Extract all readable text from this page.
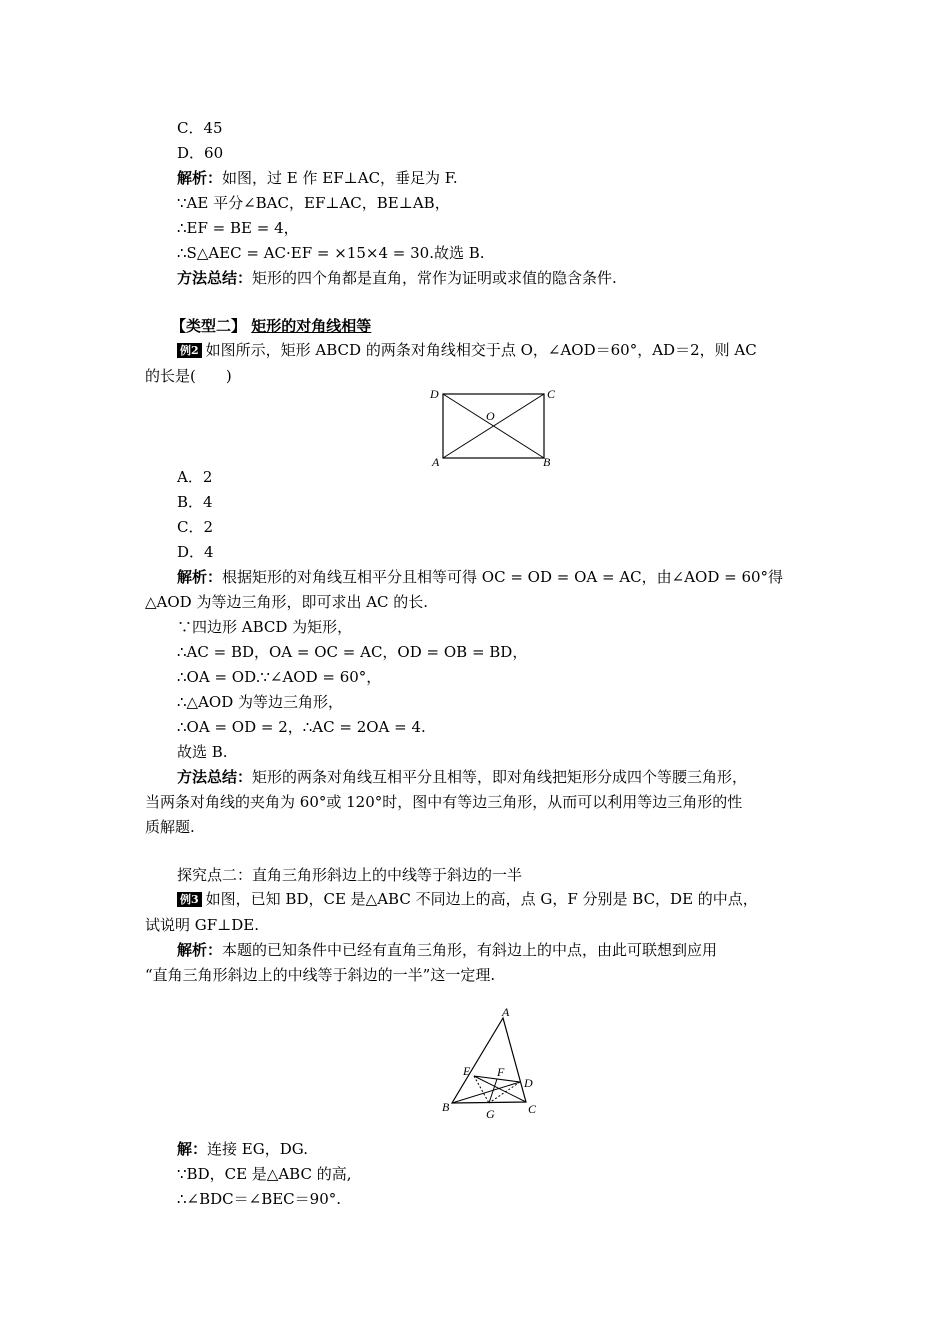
C．45
D．60
解析：如图，过 E 作 EF⊥AC，垂足为 F.
∵AE 平分∠BAC，EF⊥AC，BE⊥AB，
∴EF = BE = 4，
∴S△AEC = AC·EF = ×15×4 = 30.故选 B.
方法总结：矩形的四个角都是直角，常作为证明或求值的隐含条件.
【类型二】 矩形的对角线相等
例2 如图所示，矩形 ABCD 的两条对角线相交于点 O，∠AOD＝60°，AD＝2，则 AC
的长是(　　)
D	C
A	B
O
A．2
B．4
C．2
D．4
解析：根据矩形的对角线互相平分且相等可得 OC = OD = OA = AC，由∠AOD = 60°得
△AOD 为等边三角形，即可求出 AC 的长.
∵四边形 ABCD 为矩形，
∴AC = BD，OA = OC = AC，OD = OB = BD，
∴OA = OD.∵∠AOD = 60°，
∴△AOD 为等边三角形，
∴OA = OD = 2，∴AC = 2OA = 4.
故选 B.
方法总结：矩形的两条对角线互相平分且相等，即对角线把矩形分成四个等腰三角形，
当两条对角线的夹角为 60°或 120°时，图中有等边三角形，从而可以利用等边三角形的性
质解题.
探究点二：直角三角形斜边上的中线等于斜边的一半
例3 如图，已知 BD，CE 是△ABC 不同边上的高，点 G，F 分别是 BC，DE 的中点，
试说明 GF⊥DE.
解析：本题的已知条件中已经有直角三角形，有斜边上的中点，由此可联想到应用
“直角三角形斜边上的中线等于斜边的一半”这一定理.
A
B	C
D
E F
G
解：连接 EG，DG.
∵BD，CE 是△ABC 的高,
∴∠BDC＝∠BEC＝90°.
